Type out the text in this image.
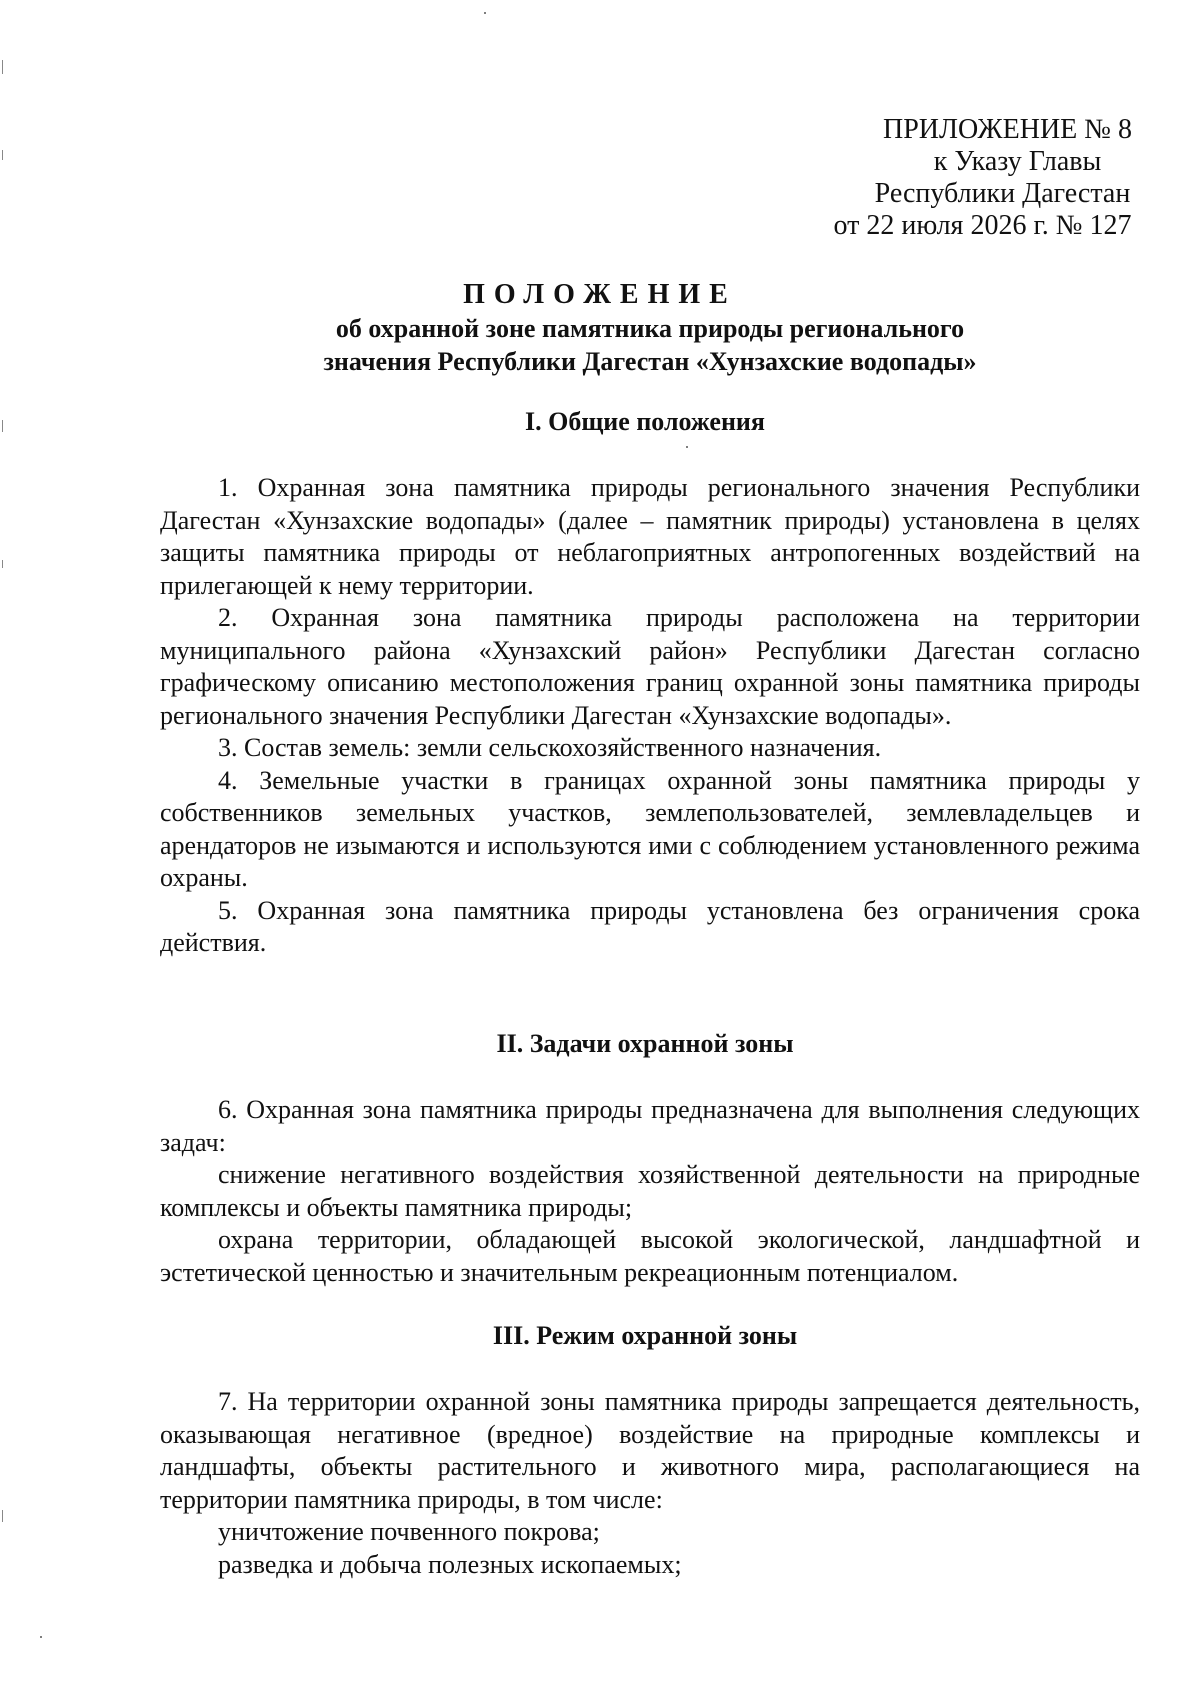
ПРИЛОЖЕНИЕ № 8
к Указу Главы
Республики Дагестан
от 22 июля 2026 г. № 127
ПОЛОЖЕНИЕ
об охранной зоне памятника природы регионального
значения Республики Дагестан «Хунзахские водопады»
I. Общие положения

1. Охранная зона памятника природы регионального значения Республики Дагестан «Хунзахские водопады» (далее – памятник природы) установлена в целях защиты памятника природы от неблагоприятных антропогенных воздействий на прилегающей к нему территории.

2. Охранная зона памятника природы расположена на территории муниципального района «Хунзахский район» Республики Дагестан согласно графическому описанию местоположения границ охранной зоны памятника природы регионального значения Республики Дагестан «Хунзахские водопады».

3. Состав земель: земли сельскохозяйственного назначения.

4. Земельные участки в границах охранной зоны памятника природы у собственников земельных участков, землепользователей, землевладельцев и арендаторов не изымаются и используются ими с соблюдением установленного режима охраны.

5. Охранная зона памятника природы установлена без ограничения срока действия.

II. Задачи охранной зоны

6. Охранная зона памятника природы предназначена для выполнения следующих задач:

снижение негативного воздействия хозяйственной деятельности на природные комплексы и объекты памятника природы;

охрана территории, обладающей высокой экологической, ландшафтной и эстетической ценностью и значительным рекреационным потенциалом.

III. Режим охранной зоны

7. На территории охранной зоны памятника природы запрещается деятельность, оказывающая негативное (вредное) воздействие на природные комплексы и ландшафты, объекты растительного и животного мира, располагающиеся на территории памятника природы, в том числе:

уничтожение почвенного покрова;

разведка и добыча полезных ископаемых;
